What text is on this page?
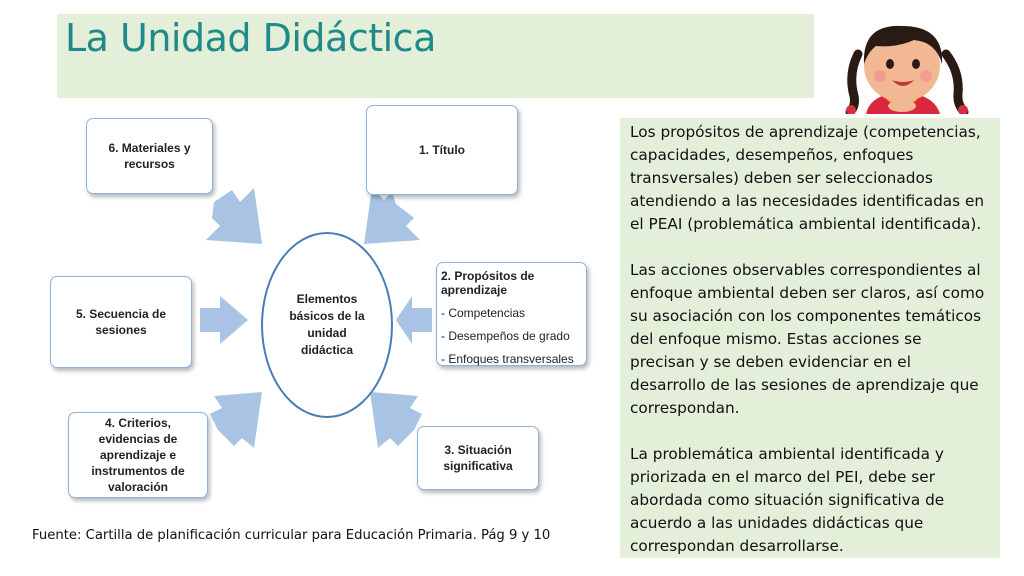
La Unidad Didáctica
6. Materiales y recursos
1. Título
5. Secuencia de sesiones
Elementos básicos de la unidad didáctica
2. Propósitos de aprendizaje
- Competencias
- Desempeños de grado
- Enfoques transversales
4. Criterios, evidencias de aprendizaje e instrumentos de valoración
3. Situación significativa

Los propósitos de aprendizaje (competencias, capacidades, desempeños, enfoques transversales) deben ser seleccionados atendiendo a las necesidades identificadas en el PEAI (problemática ambiental identificada).

Las acciones observables correspondientes al enfoque ambiental deben ser claros, así como su asociación con los componentes temáticos del enfoque mismo. Estas acciones se precisan y se deben evidenciar en el desarrollo de las sesiones de aprendizaje que correspondan.

La problemática ambiental identificada y priorizada en el marco del PEI, debe ser abordada como situación significativa de acuerdo a las unidades didácticas que correspondan desarrollarse.

Fuente: Cartilla de planificación curricular para Educación Primaria. Pág 9 y 10
